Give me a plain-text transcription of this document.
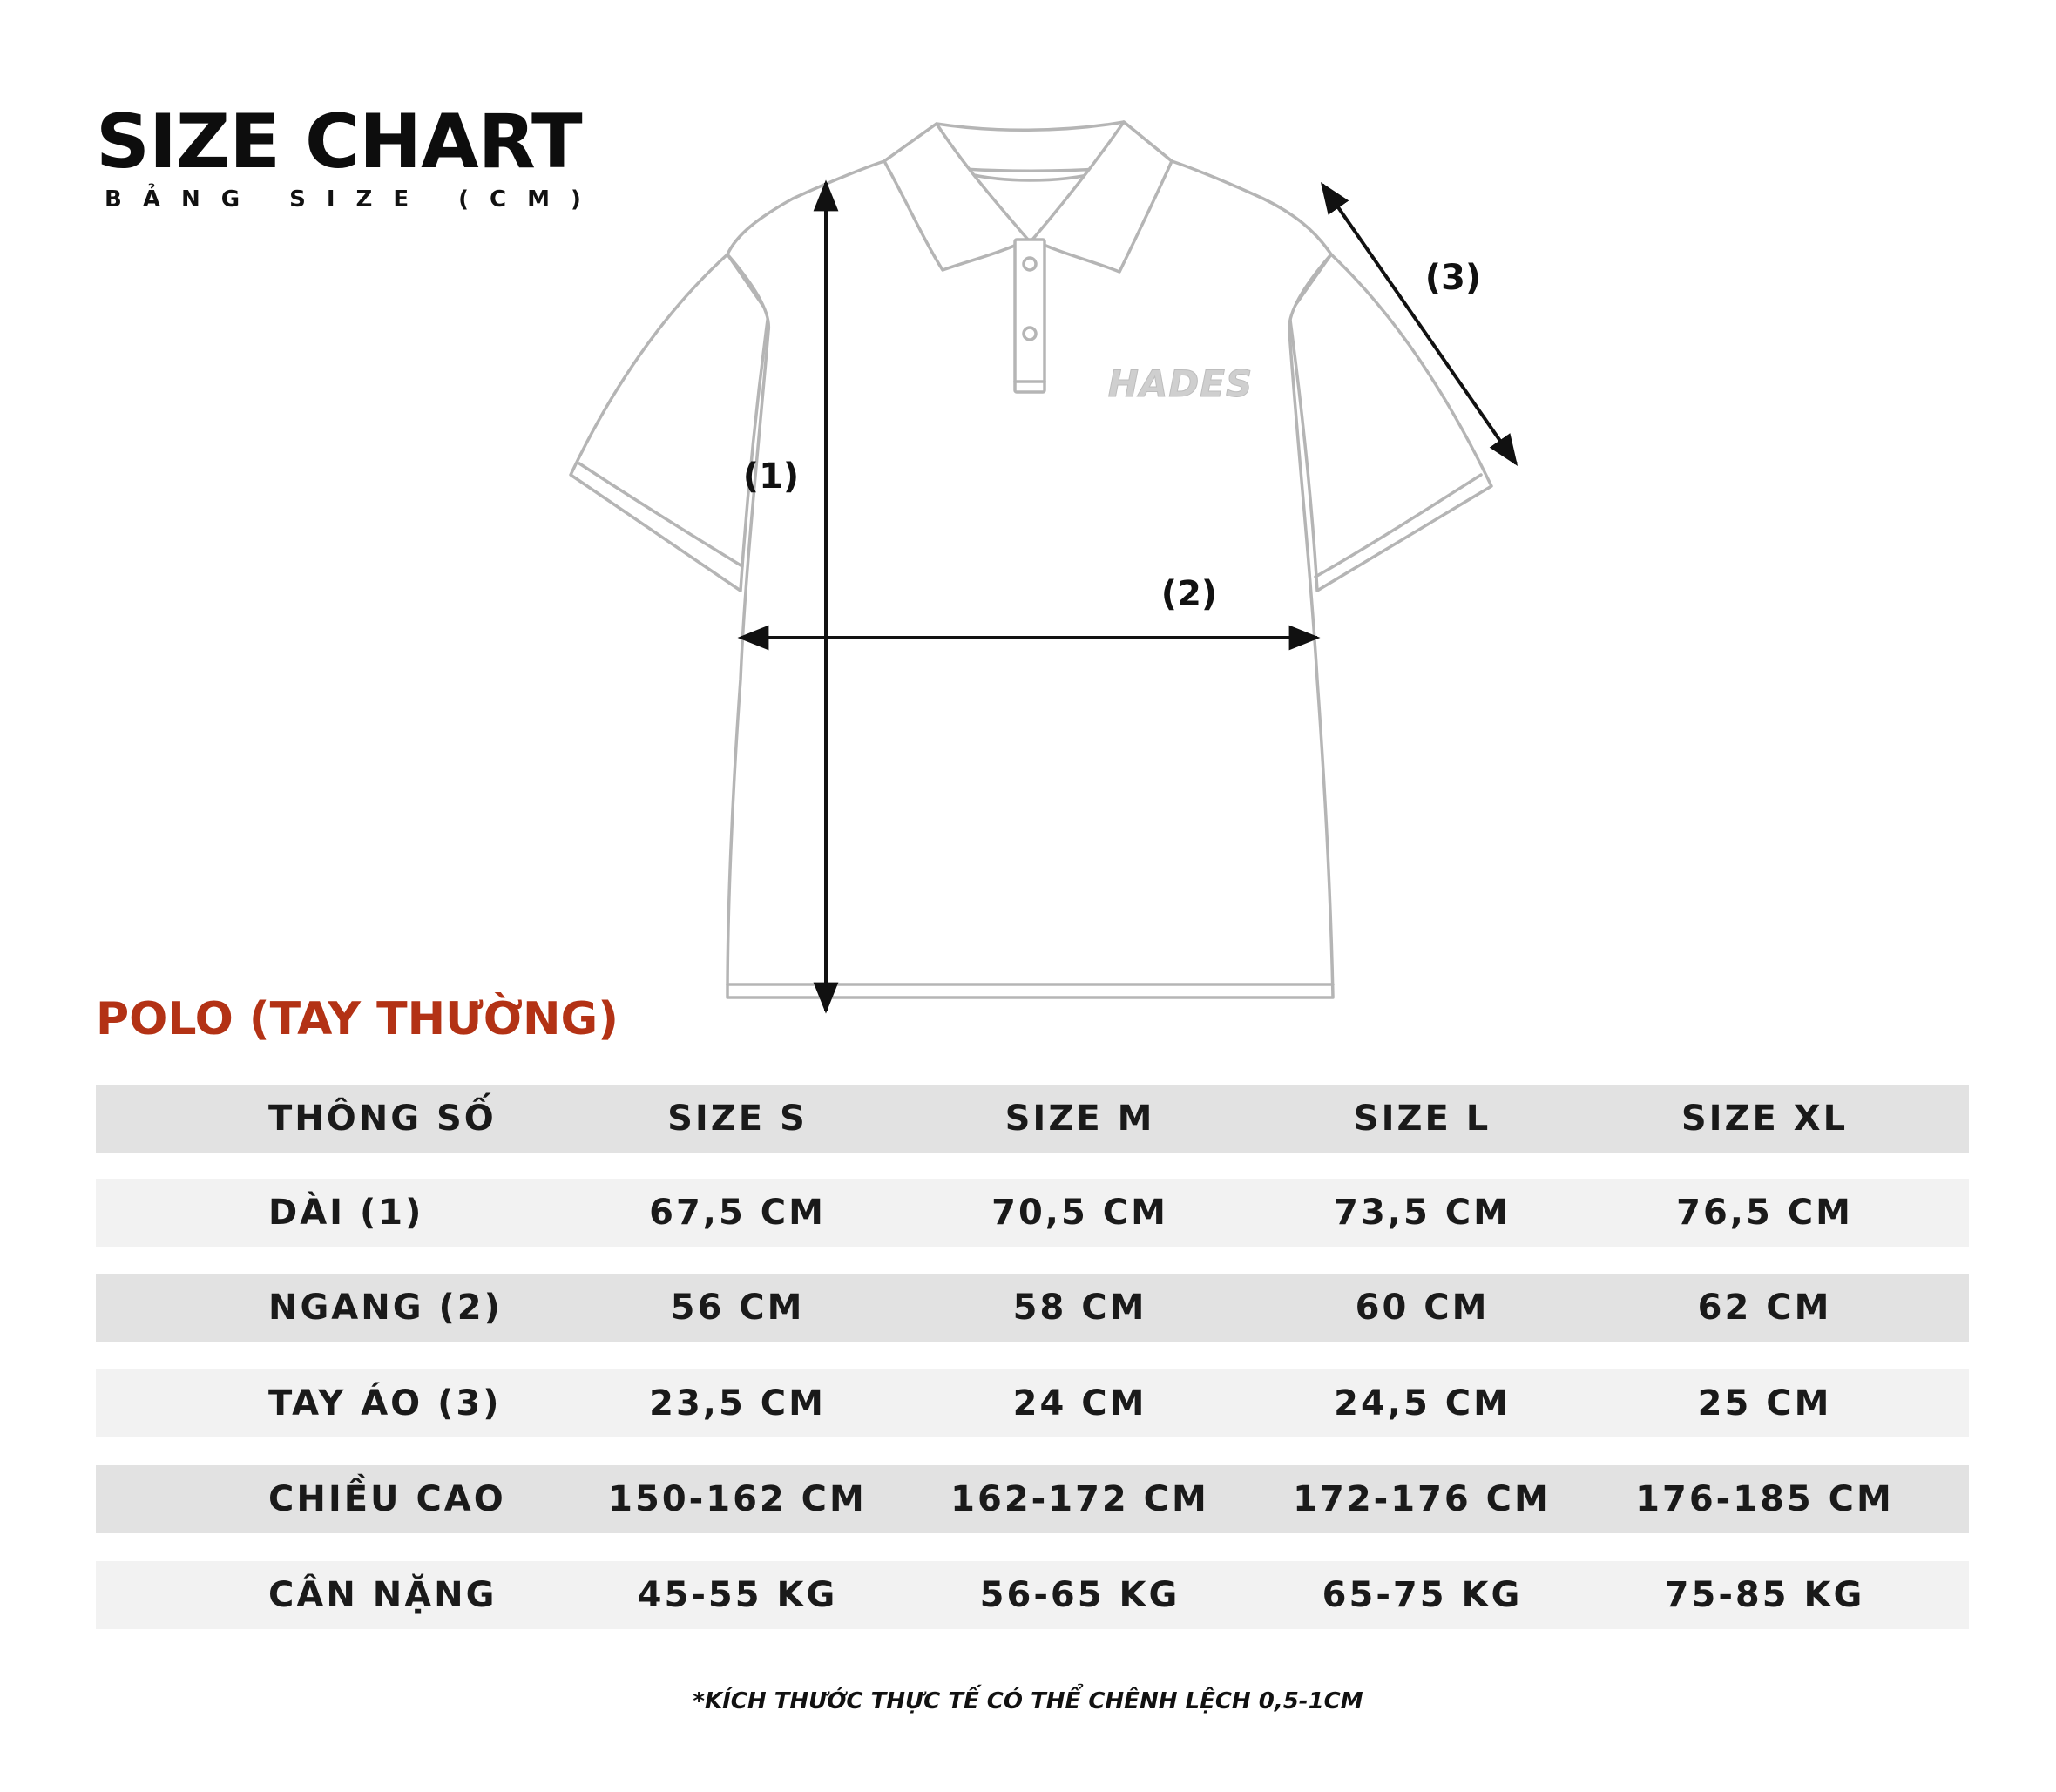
SIZE CHART
BẢNG SIZE (CM)
HADES
(1)
(2)
(3)
POLO (TAY THƯỜNG)
THÔNG SỐ	SIZE S	SIZE M	SIZE L	SIZE XL
DÀI (1)	67,5 CM	70,5 CM	73,5 CM	76,5 CM
NGANG (2)	56 CM	58 CM	60 CM	62 CM
TAY ÁO (3)	23,5 CM	24 CM	24,5 CM	25 CM
CHIỀU CAO	150-162 CM	162-172 CM	172-176 CM	176-185 CM
CÂN NẶNG	45-55 KG	56-65 KG	65-75 KG	75-85 KG
*KÍCH THƯỚC THỰC TẾ CÓ THỂ CHÊNH LỆCH 0,5-1CM
